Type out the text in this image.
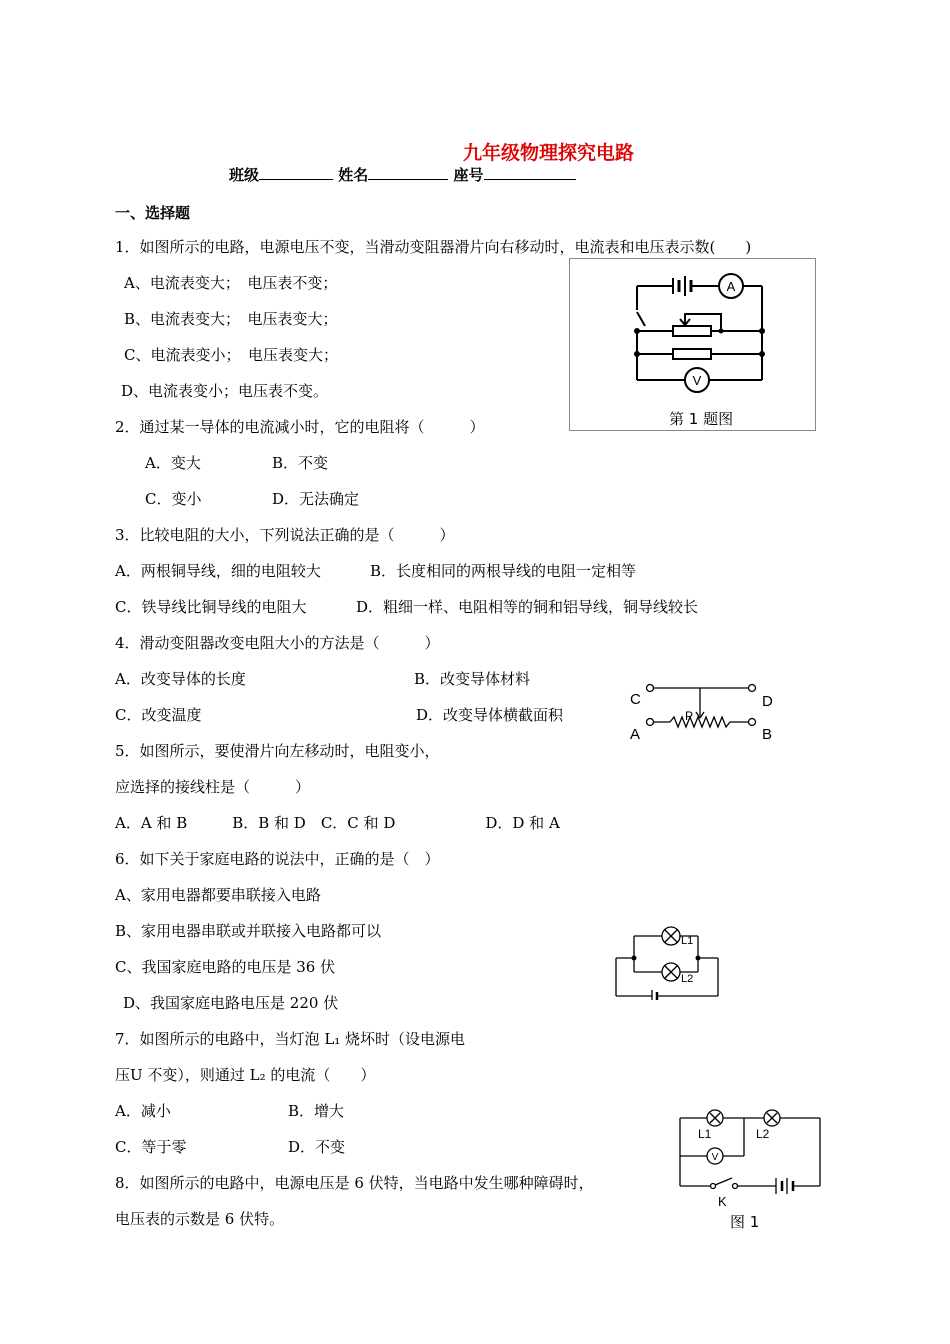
九年级物理探究电路
班级	姓名	座号
一、选择题
1．如图所示的电路，电源电压不变，当滑动变阻器滑片向右移动时，电流表和电压表示数(　　)
A、电流表变大；　电压表不变；
B、电流表变大；　电压表变大；
C、电流表变小；　电压表变大；
D、电流表变小；电压表不变。
A
V
第 1 题图
2．通过某一导体的电流减小时，它的电阻将（　　　）
A．变大	B．不变
C．变小	D．无法确定
3．比较电阻的大小，下列说法正确的是（　　　）
A．两根铜导线，细的电阻较大	B．长度相同的两根导线的电阻一定相等
C．铁导线比铜导线的电阻大	D．粗细一样、电阻相等的铜和铝导线，铜导线较长
4．滑动变阻器改变电阻大小的方法是（　　　）
A．改变导体的长度	B．改变导体材料
C．改变温度	D．改变导体横截面积
C	D
A	B
P
5．如图所示，要使滑片向左移动时，电阻变小，
应选择的接线柱是（　　　）
A．A 和 B　　　B．B 和 D　C．C 和 D　　　　　　D．D 和 A
6．如下关于家庭电路的说法中，正确的是（　）
A、家用电器都要串联接入电路
B、家用电器串联或并联接入电路都可以
C、我国家庭电路的电压是 36 伏
D、我国家庭电路电压是 220 伏
L1
L2
7．如图所示的电路中，当灯泡 L₁ 烧坏时（设电源电
压U 不变），则通过 L₂ 的电流（　　）
A．减小	B．增大
C．等于零	D．不变
8．如图所示的电路中，电源电压是 6 伏特，当电路中发生哪种障碍时，
电压表的示数是 6 伏特。
L1	L2
V
K
图 1
